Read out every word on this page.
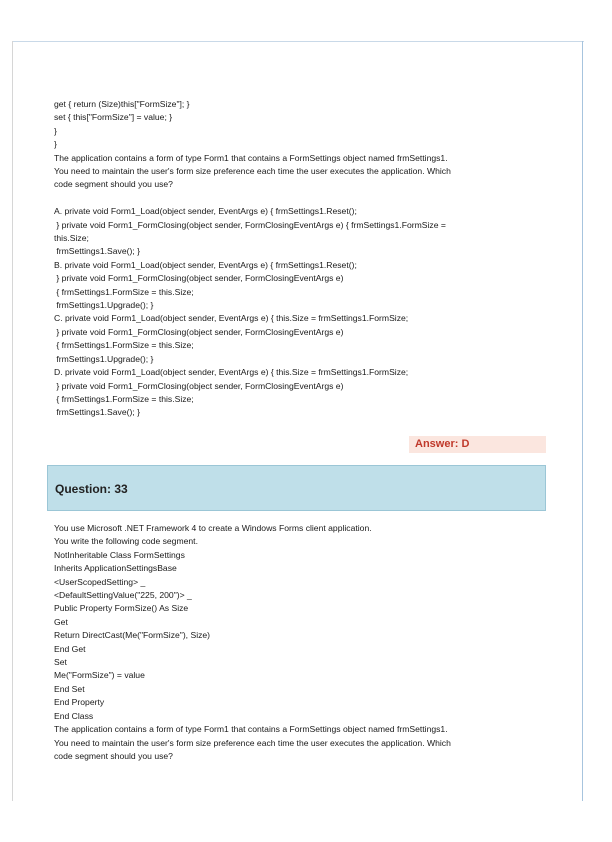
get { return (Size)this["FormSize"]; }
set { this["FormSize"] = value; }
}
}
The application contains a form of type Form1 that contains a FormSettings object named frmSettings1.
You need to maintain the user's form size preference each time the user executes the application. Which
code segment should you use?
A. private void Form1_Load(object sender, EventArgs e) { frmSettings1.Reset();
} private void Form1_FormClosing(object sender, FormClosingEventArgs e) { frmSettings1.FormSize =
this.Size;
frmSettings1.Save(); }
B. private void Form1_Load(object sender, EventArgs e) { frmSettings1.Reset();
} private void Form1_FormClosing(object sender, FormClosingEventArgs e)
{ frmSettings1.FormSize = this.Size;
frmSettings1.Upgrade(); }
C. private void Form1_Load(object sender, EventArgs e) { this.Size = frmSettings1.FormSize;
} private void Form1_FormClosing(object sender, FormClosingEventArgs e)
{ frmSettings1.FormSize = this.Size;
frmSettings1.Upgrade(); }
D. private void Form1_Load(object sender, EventArgs e) { this.Size = frmSettings1.FormSize;
} private void Form1_FormClosing(object sender, FormClosingEventArgs e)
{ frmSettings1.FormSize = this.Size;
frmSettings1.Save(); }
Answer: D
Question: 33
You use Microsoft .NET Framework 4 to create a Windows Forms client application.
You write the following code segment.
NotInheritable Class FormSettings
Inherits ApplicationSettingsBase
<UserScopedSetting> _
<DefaultSettingValue("225, 200")> _
Public Property FormSize() As Size
Get
Return DirectCast(Me("FormSize"), Size)
End Get
Set
Me("FormSize") = value
End Set
End Property
End Class
The application contains a form of type Form1 that contains a FormSettings object named frmSettings1.
You need to maintain the user's form size preference each time the user executes the application. Which
code segment should you use?
